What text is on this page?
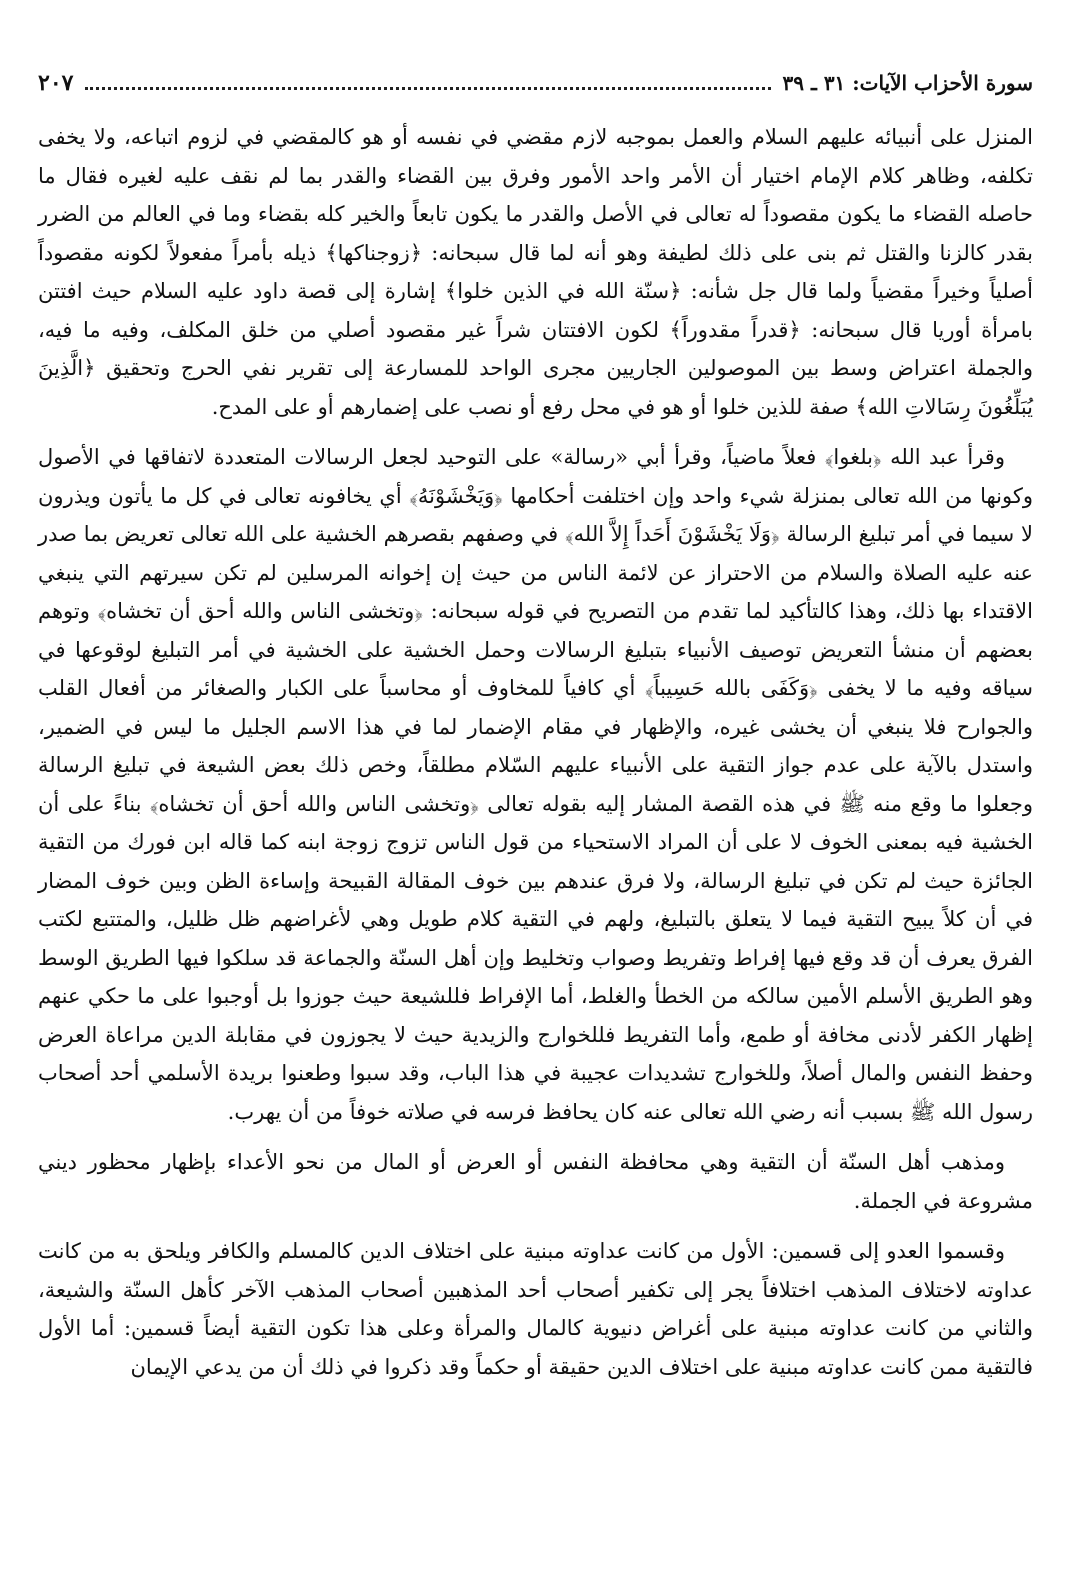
سورة الأحزاب الآيات: ٣١ ـ ٣٩
٢٠٧

المنزل على أنبيائه عليهم السلام والعمل بموجبه لازم مقضي في نفسه أو هو كالمقضي في لزوم اتباعه، ولا يخفى تكلفه، وظاهر كلام الإمام اختيار أن الأمر واحد الأمور وفرق بين القضاء والقدر بما لم نقف عليه لغيره فقال ما حاصله القضاء ما يكون مقصوداً له تعالى في الأصل والقدر ما يكون تابعاً والخير كله بقضاء وما في العالم من الضرر بقدر كالزنا والقتل ثم بنى على ذلك لطيفة وهو أنه لما قال سبحانه: ﴿زوجناكها﴾ ذيله بأمراً مفعولاً لكونه مقصوداً أصلياً وخيراً مقضياً ولما قال جل شأنه: ﴿سنّة الله في الذين خلوا﴾ إشارة إلى قصة داود عليه السلام حيث افتتن بامرأة أوريا قال سبحانه: ﴿قدراً مقدوراً﴾ لكون الافتتان شراً غير مقصود أصلي من خلق المكلف، وفيه ما فيه، والجملة اعتراض وسط بين الموصولين الجاريين مجرى الواحد للمسارعة إلى تقرير نفي الحرج وتحقيق ﴿الَّذِينَ يُبَلِّغُونَ رِسَالاتِ الله﴾ صفة للذين خلوا أو هو في محل رفع أو نصب على إضمارهم أو على المدح.

وقرأ عبد الله ﴿بلغوا﴾ فعلاً ماضياً، وقرأ أبي «رسالة» على التوحيد لجعل الرسالات المتعددة لاتفاقها في الأصول وكونها من الله تعالى بمنزلة شيء واحد وإن اختلفت أحكامها ﴿وَيَخْشَوْنَهُ﴾ أي يخافونه تعالى في كل ما يأتون ويذرون لا سيما في أمر تبليغ الرسالة ﴿وَلَا يَخْشَوْنَ أَحَداً إِلاَّ الله﴾ في وصفهم بقصرهم الخشية على الله تعالى تعريض بما صدر عنه عليه الصلاة والسلام من الاحتراز عن لائمة الناس من حيث إن إخوانه المرسلين لم تكن سيرتهم التي ينبغي الاقتداء بها ذلك، وهذا كالتأكيد لما تقدم من التصريح في قوله سبحانه: ﴿وتخشى الناس والله أحق أن تخشاه﴾ وتوهم بعضهم أن منشأ التعريض توصيف الأنبياء بتبليغ الرسالات وحمل الخشية على الخشية في أمر التبليغ لوقوعها في سياقه وفيه ما لا يخفى ﴿وَكَفَى بالله حَسِيباً﴾ أي كافياً للمخاوف أو محاسباً على الكبار والصغائر من أفعال القلب والجوارح فلا ينبغي أن يخشى غيره، والإظهار في مقام الإضمار لما في هذا الاسم الجليل ما ليس في الضمير، واستدل بالآية على عدم جواز التقية على الأنبياء عليهم السّلام مطلقاً، وخص ذلك بعض الشيعة في تبليغ الرسالة وجعلوا ما وقع منه ﷺ في هذه القصة المشار إليه بقوله تعالى ﴿وتخشى الناس والله أحق أن تخشاه﴾ بناءً على أن الخشية فيه بمعنى الخوف لا على أن المراد الاستحياء من قول الناس تزوج زوجة ابنه كما قاله ابن فورك من التقية الجائزة حيث لم تكن في تبليغ الرسالة، ولا فرق عندهم بين خوف المقالة القبيحة وإساءة الظن وبين خوف المضار في أن كلاً يبيح التقية فيما لا يتعلق بالتبليغ، ولهم في التقية كلام طويل وهي لأغراضهم ظل ظليل، والمتتبع لكتب الفرق يعرف أن قد وقع فيها إفراط وتفريط وصواب وتخليط وإن أهل السنّة والجماعة قد سلكوا فيها الطريق الوسط وهو الطريق الأسلم الأمين سالكه من الخطأ والغلط، أما الإفراط فللشيعة حيث جوزوا بل أوجبوا على ما حكي عنهم إظهار الكفر لأدنى مخافة أو طمع، وأما التفريط فللخوارج والزيدية حيث لا يجوزون في مقابلة الدين مراعاة العرض وحفظ النفس والمال أصلاً، وللخوارج تشديدات عجيبة في هذا الباب، وقد سبوا وطعنوا بريدة الأسلمي أحد أصحاب رسول الله ﷺ بسبب أنه رضي الله تعالى عنه كان يحافظ فرسه في صلاته خوفاً من أن يهرب.

ومذهب أهل السنّة أن التقية وهي محافظة النفس أو العرض أو المال من نحو الأعداء بإظهار محظور ديني مشروعة في الجملة.

وقسموا العدو إلى قسمين: الأول من كانت عداوته مبنية على اختلاف الدين كالمسلم والكافر ويلحق به من كانت عداوته لاختلاف المذهب اختلافاً يجر إلى تكفير أصحاب أحد المذهبين أصحاب المذهب الآخر كأهل السنّة والشيعة، والثاني من كانت عداوته مبنية على أغراض دنيوية كالمال والمرأة وعلى هذا تكون التقية أيضاً قسمين: أما الأول فالتقية ممن كانت عداوته مبنية على اختلاف الدين حقيقة أو حكماً وقد ذكروا في ذلك أن من يدعي الإيمان
